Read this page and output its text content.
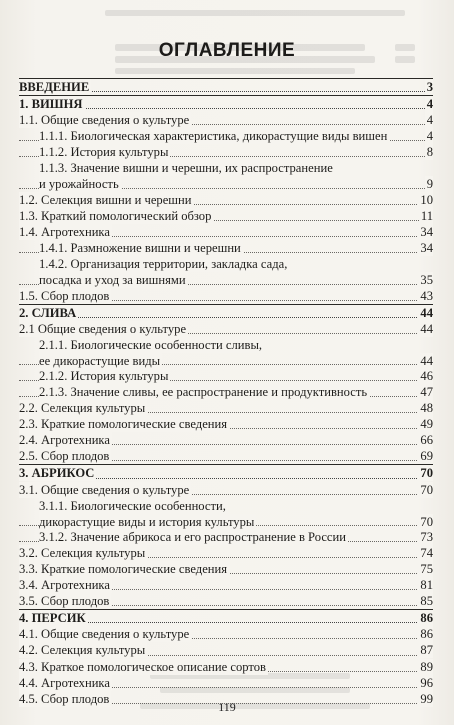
ОГЛАВЛЕНИЕ
3
ВВЕДЕНИЕ
4
1. ВИШНЯ
4
1.1. Общие сведения о культуре
4
1.1.1. Биологическая характеристика, дикорастущие виды вишен
8
1.1.2. История культуры
1.1.3. Значение вишни и черешни, их распространение
9
и урожайность
10
1.2. Селекция вишни и черешни
11
1.3. Краткий помологический обзор
34
1.4. Агротехника
34
1.4.1. Размножение вишни и черешни
1.4.2. Организация территории, закладка сада,
35
посадка и уход за вишнями
43
1.5. Сбор плодов
44
2. СЛИВА
44
2.1 Общие сведения о культуре
2.1.1. Биологические особенности сливы,
44
ее дикорастущие виды
46
2.1.2. История культуры
47
2.1.3. Значение сливы, ее распространение и продуктивность
48
2.2. Селекция культуры
49
2.3. Краткие помологические сведения
66
2.4. Агротехника
69
2.5. Сбор плодов
70
3. АБРИКОС
70
3.1. Общие сведения о культуре
3.1.1. Биологические особенности,
70
дикорастущие виды и история культуры
73
3.1.2. Значение абрикоса и его распространение в России
74
3.2. Селекция культуры
75
3.3. Краткие помологические сведения
81
3.4. Агротехника
85
3.5. Сбор плодов
86
4. ПЕРСИК
86
4.1. Общие сведения о культуре
87
4.2. Селекция культуры
89
4.3. Краткое помологическое описание сортов
96
4.4. Агротехника
99
4.5. Сбор плодов
119
